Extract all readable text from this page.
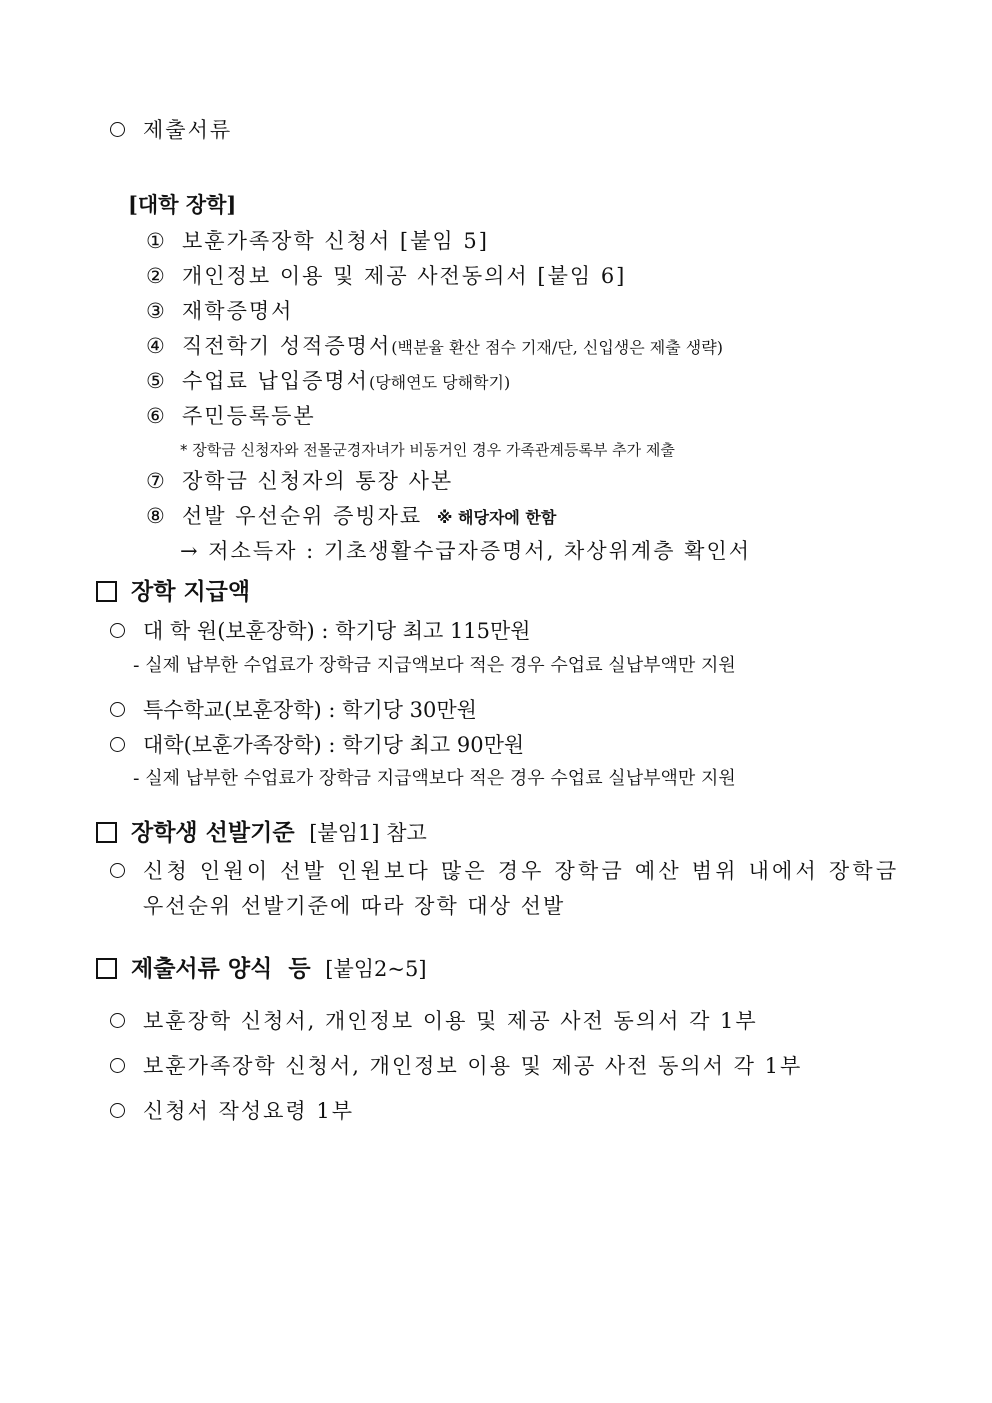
제출서류
[대학 장학]
① 보훈가족장학 신청서 [붙임 5]
② 개인정보 이용 및 제공 사전동의서 [붙임 6]
③ 재학증명서
④ 직전학기 성적증명서(백분율 환산 점수 기재/단, 신입생은 제출 생략)
⑤ 수업료 납입증명서(당해연도 당해학기)
⑥ 주민등록등본
* 장학금 신청자와 전몰군경자녀가 비동거인 경우 가족관계등록부 추가 제출
⑦ 장학금 신청자의 통장 사본
⑧ 선발 우선순위 증빙자료 ※ 해당자에 한함
→ 저소득자 : 기초생활수급자증명서, 차상위계층 확인서
장학 지급액
대 학 원(보훈장학) : 학기당 최고 115만원
- 실제 납부한 수업료가 장학금 지급액보다 적은 경우 수업료 실납부액만 지원
특수학교(보훈장학) : 학기당 30만원
대학(보훈가족장학) : 학기당 최고 90만원
- 실제 납부한 수업료가 장학금 지급액보다 적은 경우 수업료 실납부액만 지원
장학생 선발기준 [붙임1] 참고
신청 인원이 선발 인원보다 많은 경우 장학금 예산 범위 내에서 장학금
우선순위 선발기준에 따라 장학 대상 선발
제출서류 양식  등 [붙임2~5]
보훈장학 신청서, 개인정보 이용 및 제공 사전 동의서 각 1부
보훈가족장학 신청서, 개인정보 이용 및 제공 사전 동의서 각 1부
신청서 작성요령 1부
